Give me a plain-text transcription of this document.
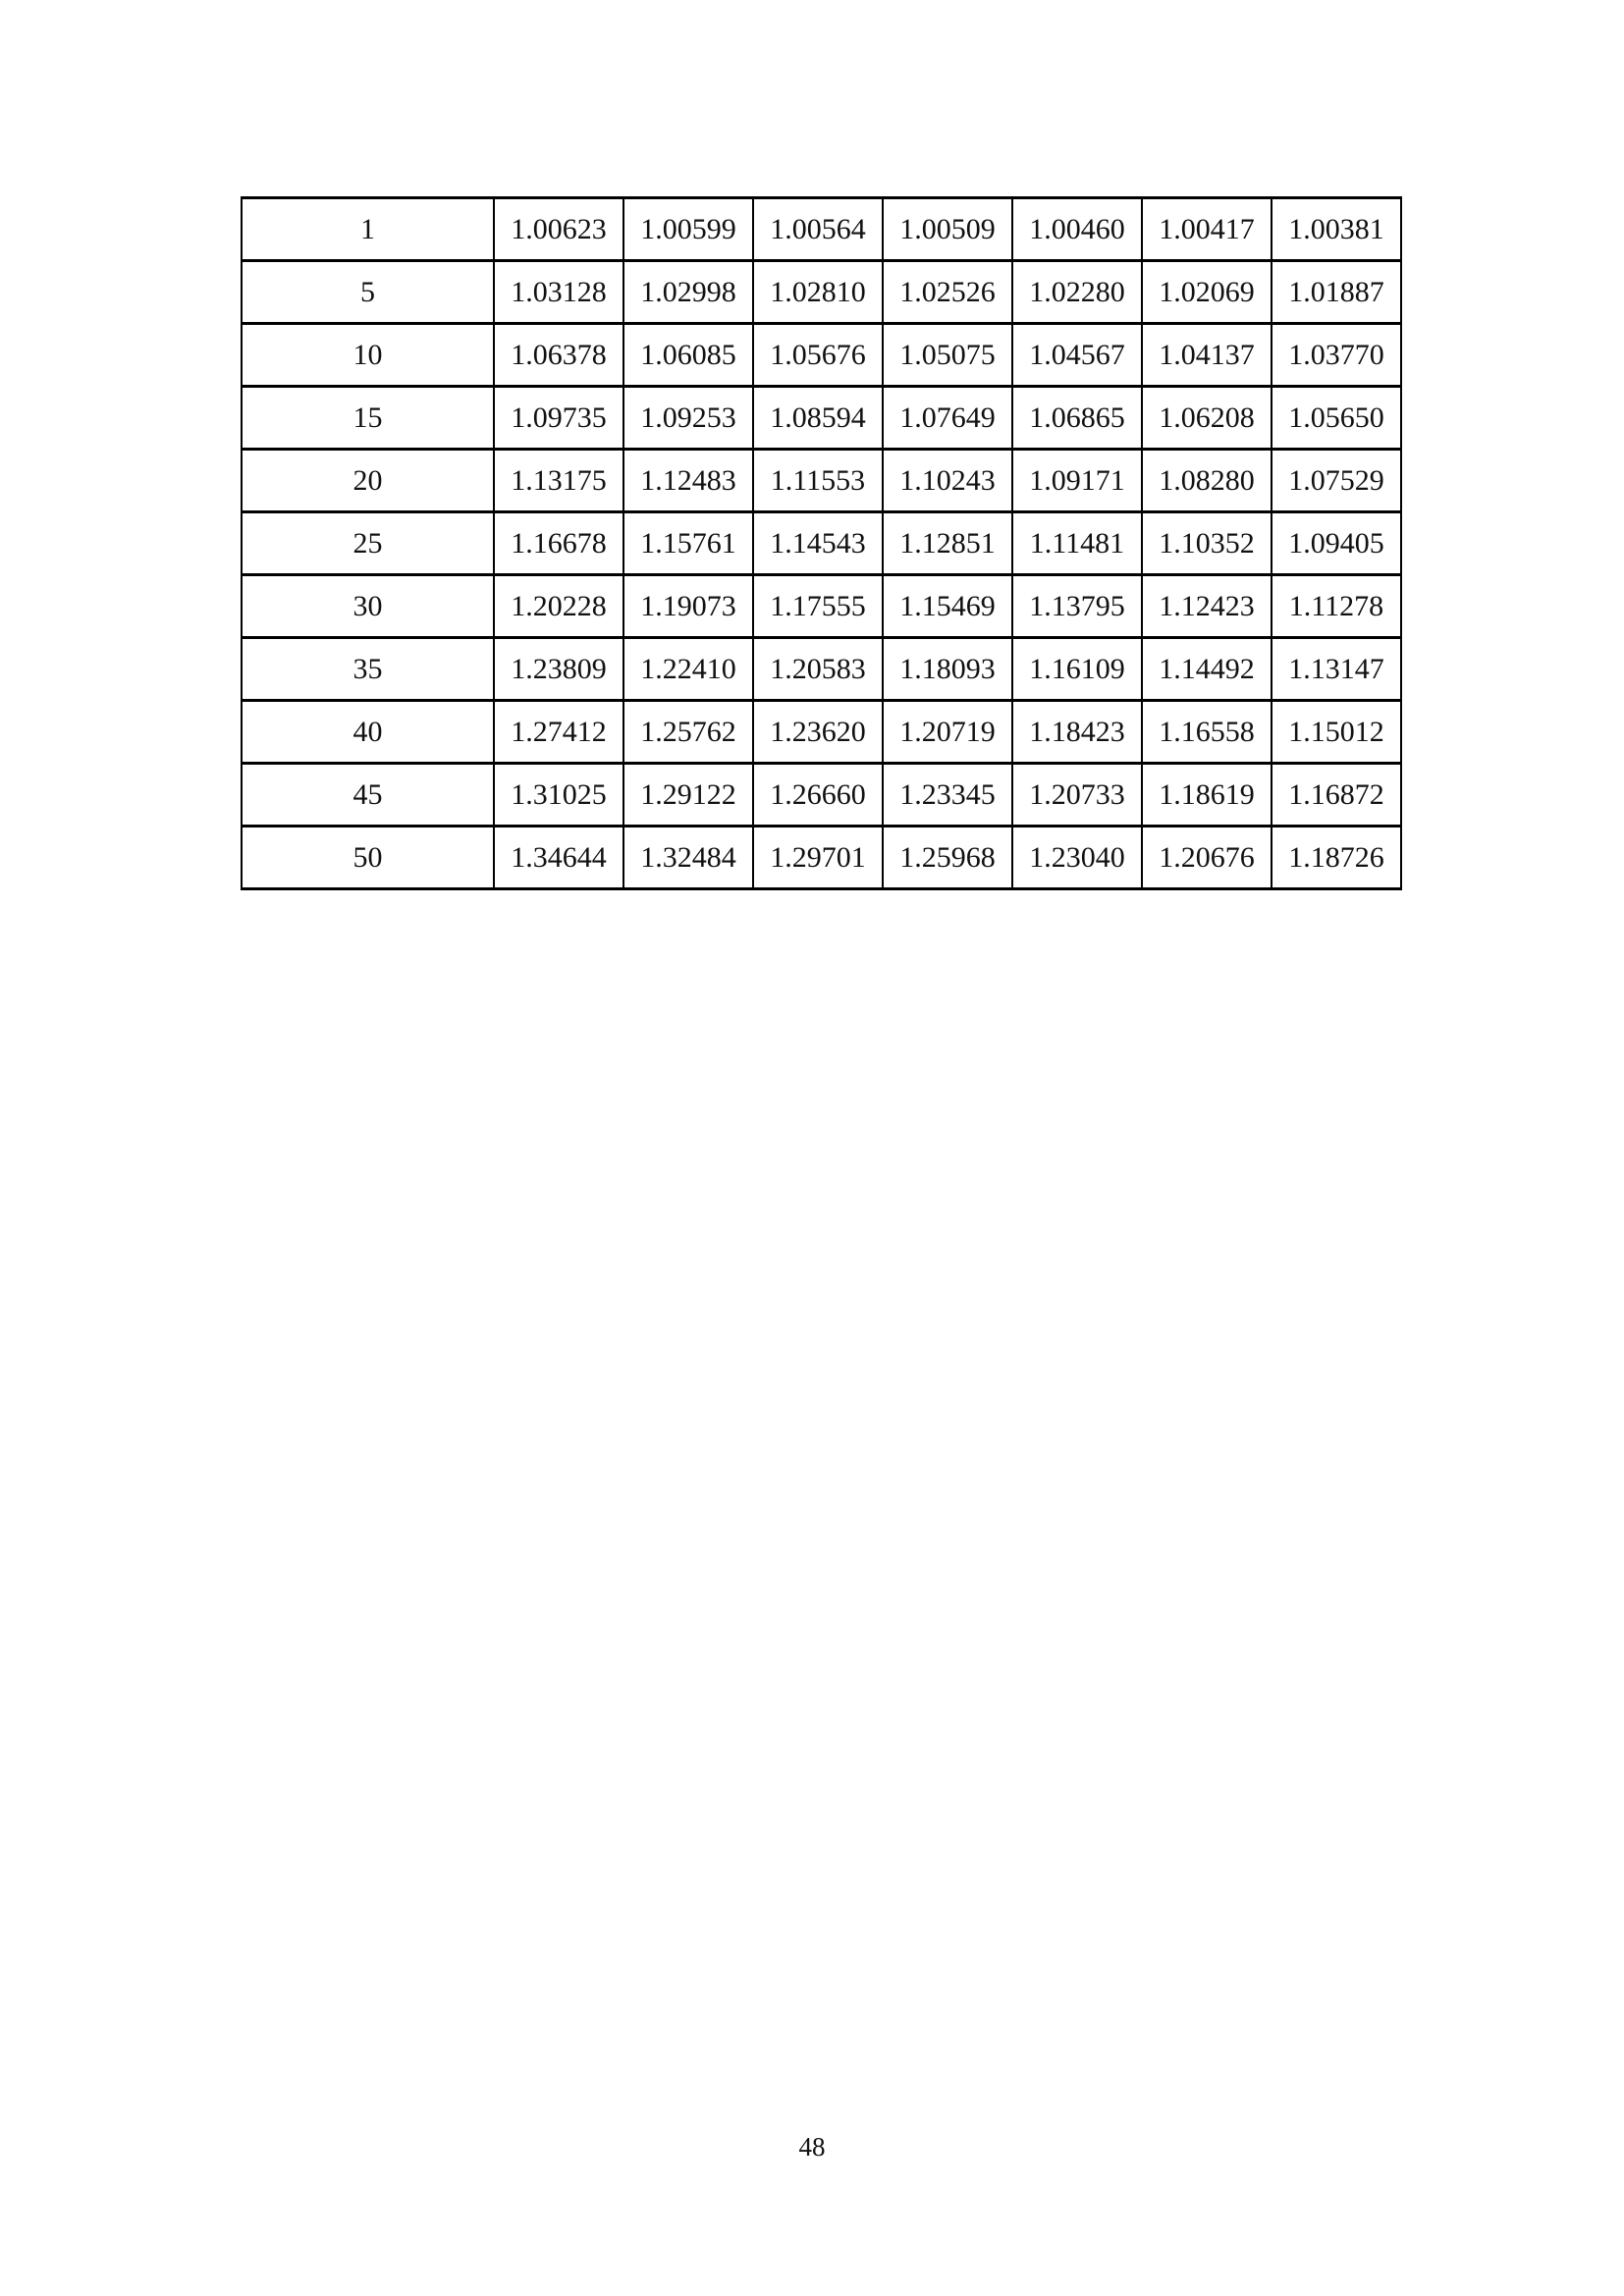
1	1.00623	1.00599	1.00564	1.00509	1.00460	1.00417	1.00381
5	1.03128	1.02998	1.02810	1.02526	1.02280	1.02069	1.01887
10	1.06378	1.06085	1.05676	1.05075	1.04567	1.04137	1.03770
15	1.09735	1.09253	1.08594	1.07649	1.06865	1.06208	1.05650
20	1.13175	1.12483	1.11553	1.10243	1.09171	1.08280	1.07529
25	1.16678	1.15761	1.14543	1.12851	1.11481	1.10352	1.09405
30	1.20228	1.19073	1.17555	1.15469	1.13795	1.12423	1.11278
35	1.23809	1.22410	1.20583	1.18093	1.16109	1.14492	1.13147
40	1.27412	1.25762	1.23620	1.20719	1.18423	1.16558	1.15012
45	1.31025	1.29122	1.26660	1.23345	1.20733	1.18619	1.16872
50	1.34644	1.32484	1.29701	1.25968	1.23040	1.20676	1.18726
48
